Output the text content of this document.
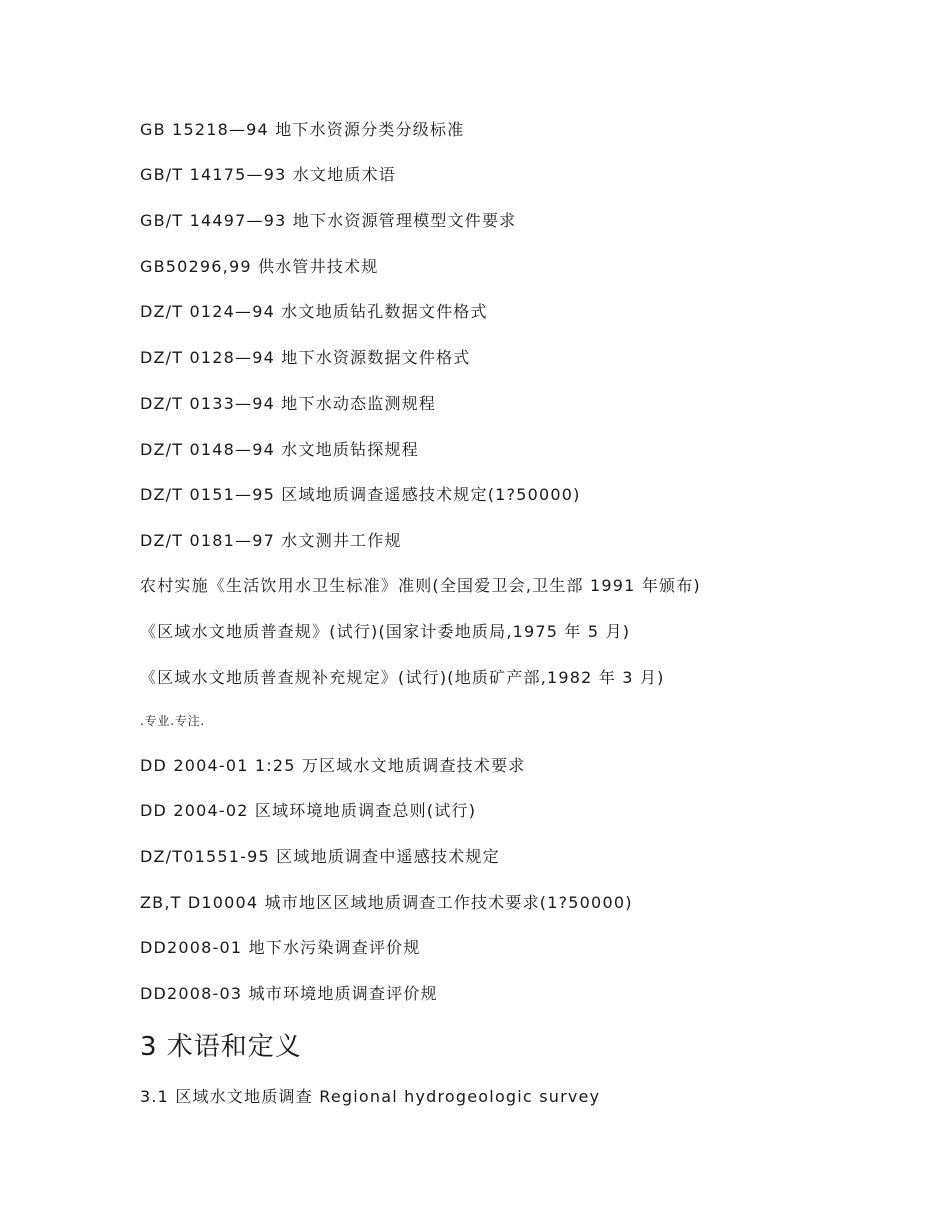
GB 15218—94 地下水资源分类分级标准
GB/T 14175—93 水文地质术语
GB/T 14497—93 地下水资源管理模型文件要求
GB50296,99 供水管井技术规
DZ/T 0124—94 水文地质钻孔数据文件格式
DZ/T 0128—94 地下水资源数据文件格式
DZ/T 0133—94 地下水动态监测规程
DZ/T 0148—94 水文地质钻探规程
DZ/T 0151—95 区域地质调查遥感技术规定(1?50000)
DZ/T 0181—97 水文测井工作规
农村实施《生活饮用水卫生标准》准则(全国爱卫会,卫生部 1991 年颁布)
《区域水文地质普查规》(试行)(国家计委地质局,1975 年 5 月)
《区域水文地质普查规补充规定》(试行)(地质矿产部,1982 年 3 月)
.专业.专注.
DD 2004-01 1:25 万区域水文地质调查技术要求
DD 2004-02 区域环境地质调查总则(试行)
DZ/T01551-95 区域地质调查中遥感技术规定
ZB,T D10004 城市地区区域地质调查工作技术要求(1?50000)
DD2008-01 地下水污染调查评价规
DD2008-03 城市环境地质调查评价规
3 术语和定义
3.1 区域水文地质调查 Regional hydrogeologic survey
